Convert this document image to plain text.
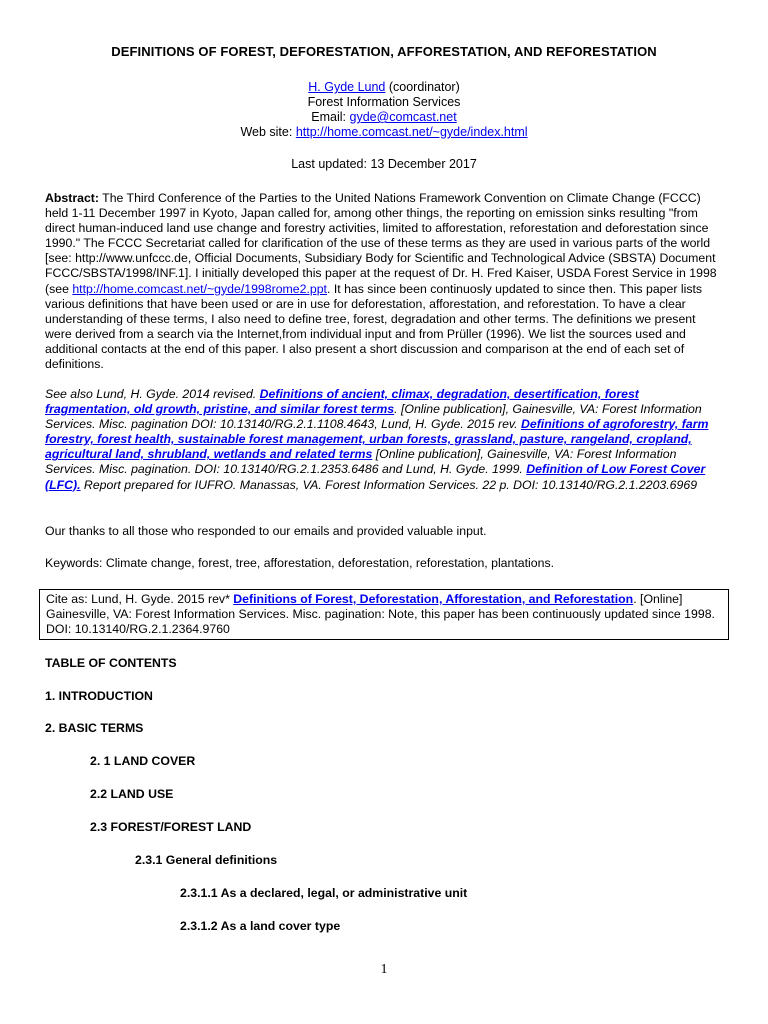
DEFINITIONS OF FOREST, DEFORESTATION, AFFORESTATION, AND REFORESTATION
H. Gyde Lund (coordinator)
Forest Information Services
Email: gyde@comcast.net
Web site: http://home.comcast.net/~gyde/index.html
Last updated: 13 December 2017
Abstract: The Third Conference of the Parties to the United Nations Framework Convention on Climate Change (FCCC) held 1-11 December 1997 in Kyoto, Japan called for, among other things, the reporting on emission sinks resulting "from direct human-induced land use change and forestry activities, limited to afforestation, reforestation and deforestation since 1990." The FCCC Secretariat called for clarification of the use of these terms as they are used in various parts of the world [see: http://www.unfccc.de, Official Documents, Subsidiary Body for Scientific and Technological Advice (SBSTA) Document FCCC/SBSTA/1998/INF.1]. I initially developed this paper at the request of Dr. H. Fred Kaiser, USDA Forest Service in 1998 (see http://home.comcast.net/~gyde/1998rome2.ppt. It has since been continuosly updated to since then. This paper lists various definitions that have been used or are in use for deforestation, afforestation, and reforestation. To have a clear understanding of these terms, I also need to define tree, forest, degradation and other terms. The definitions we present were derived from a search via the Internet,from individual input and from Prüller (1996). We list the sources used and additional contacts at the end of this paper. I also present a short discussion and comparison at the end of each set of definitions.
See also Lund, H. Gyde. 2014 revised. Definitions of ancient, climax, degradation, desertification, forest fragmentation, old growth, pristine, and similar forest terms. [Online publication], Gainesville, VA: Forest Information Services. Misc. pagination DOI: 10.13140/RG.2.1.1108.4643, Lund, H. Gyde. 2015 rev. Definitions of agroforestry, farm forestry, forest health, sustainable forest management, urban forests, grassland, pasture, rangeland, cropland, agricultural land, shrubland, wetlands and related terms [Online publication], Gainesville, VA: Forest Information Services. Misc. pagination. DOI: 10.13140/RG.2.1.2353.6486 and Lund, H. Gyde. 1999. Definition of Low Forest Cover (LFC). Report prepared for IUFRO. Manassas, VA. Forest Information Services. 22 p. DOI: 10.13140/RG.2.1.2203.6969
Our thanks to all those who responded to our emails and provided valuable input.
Keywords: Climate change, forest, tree, afforestation, deforestation, reforestation, plantations.
Cite as: Lund, H. Gyde. 2015 rev* Definitions of Forest, Deforestation, Afforestation, and Reforestation. [Online] Gainesville, VA: Forest Information Services. Misc. pagination: Note, this paper has been continuously updated since 1998. DOI: 10.13140/RG.2.1.2364.9760
TABLE OF CONTENTS
1. INTRODUCTION
2. BASIC TERMS
2. 1 LAND COVER
2.2 LAND USE
2.3 FOREST/FOREST LAND
2.3.1 General definitions
2.3.1.1 As a declared, legal, or administrative unit
2.3.1.2 As a land cover type
1
